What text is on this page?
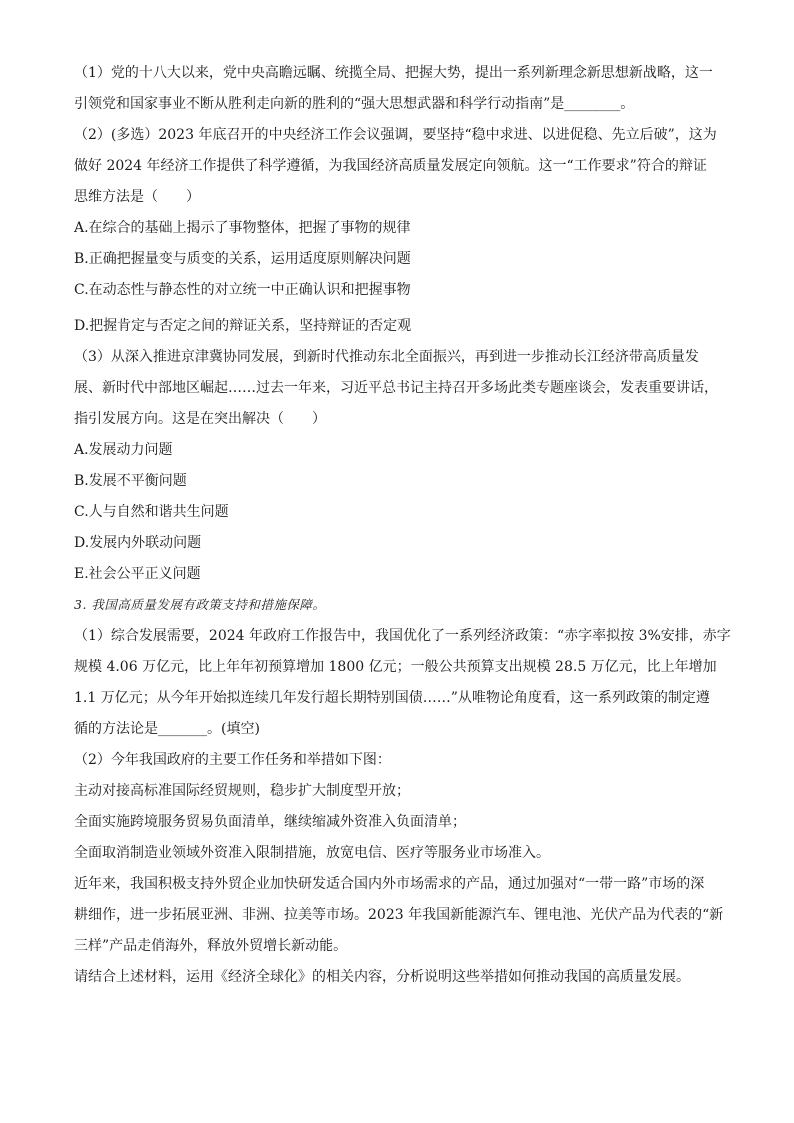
（1）党的十八大以来，党中央高瞻远瞩、统揽全局、把握大势，提出一系列新理念新思想新战略，这一

引领党和国家事业不断从胜利走向新的胜利的“强大思想武器和科学行动指南”是________。

（2）(多选）2023 年底召开的中央经济工作会议强调，要坚持“稳中求进、以进促稳、先立后破”，这为

做好 2024 年经济工作提供了科学遵循，为我国经济高质量发展定向领航。这一“工作要求”符合的辩证

思维方法是（　　）

A.在综合的基础上揭示了事物整体，把握了事物的规律

B.正确把握量变与质变的关系，运用适度原则解决问题

C.在动态性与静态性的对立统一中正确认识和把握事物

D.把握肯定与否定之间的辩证关系，坚持辩证的否定观

（3）从深入推进京津冀协同发展，到新时代推动东北全面振兴，再到进一步推动长江经济带高质量发

展、新时代中部地区崛起……过去一年来，习近平总书记主持召开多场此类专题座谈会，发表重要讲话，

指引发展方向。这是在突出解决（　　）

A.发展动力问题

B.发展不平衡问题

C.人与自然和谐共生问题

D.发展内外联动问题

E.社会公平正义问题

3. 我国高质量发展有政策支持和措施保障。

（1）综合发展需要，2024 年政府工作报告中，我国优化了一系列经济政策：“赤字率拟按 3%安排，赤字

规模 4.06 万亿元，比上年年初预算增加 1800 亿元；一般公共预算支出规模 28.5 万亿元，比上年增加

1.1 万亿元；从今年开始拟连续几年发行超长期特别国债……”从唯物论角度看，这一系列政策的制定遵

循的方法论是_______。(填空)

（2）今年我国政府的主要工作任务和举措如下图：

主动对接高标准国际经贸规则，稳步扩大制度型开放；

全面实施跨境服务贸易负面清单，继续缩减外资准入负面清单；

全面取消制造业领域外资准入限制措施，放宽电信、医疗等服务业市场准入。

近年来，我国积极支持外贸企业加快研发适合国内外市场需求的产品，通过加强对“一带一路”市场的深

耕细作，进一步拓展亚洲、非洲、拉美等市场。2023 年我国新能源汽车、锂电池、光伏产品为代表的“新

三样”产品走俏海外，释放外贸增长新动能。

请结合上述材料，运用《经济全球化》的相关内容，分析说明这些举措如何推动我国的高质量发展。
